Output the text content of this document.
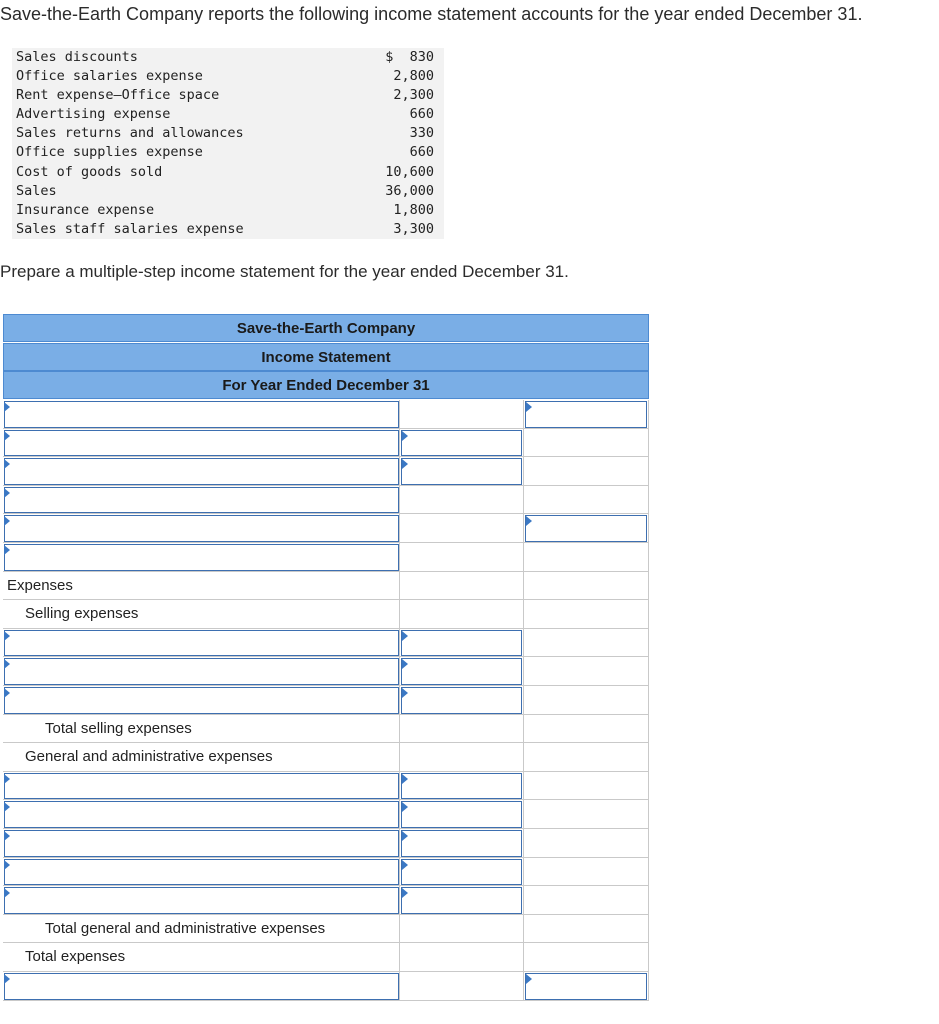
Save-the-Earth Company reports the following income statement accounts for the year ended December 31.
Sales discounts	$  830
Office salaries expense	2,800
Rent expense—Office space	2,300
Advertising expense	660
Sales returns and allowances	330
Office supplies expense	660
Cost of goods sold	10,600
Sales	36,000
Insurance expense	1,800
Sales staff salaries expense	3,300
Prepare a multiple-step income statement for the year ended December 31.
Save-the-Earth Company
Income Statement
For Year Ended December 31
Expenses
Selling expenses
Total selling expenses
General and administrative expenses
Total general and administrative expenses
Total expenses
